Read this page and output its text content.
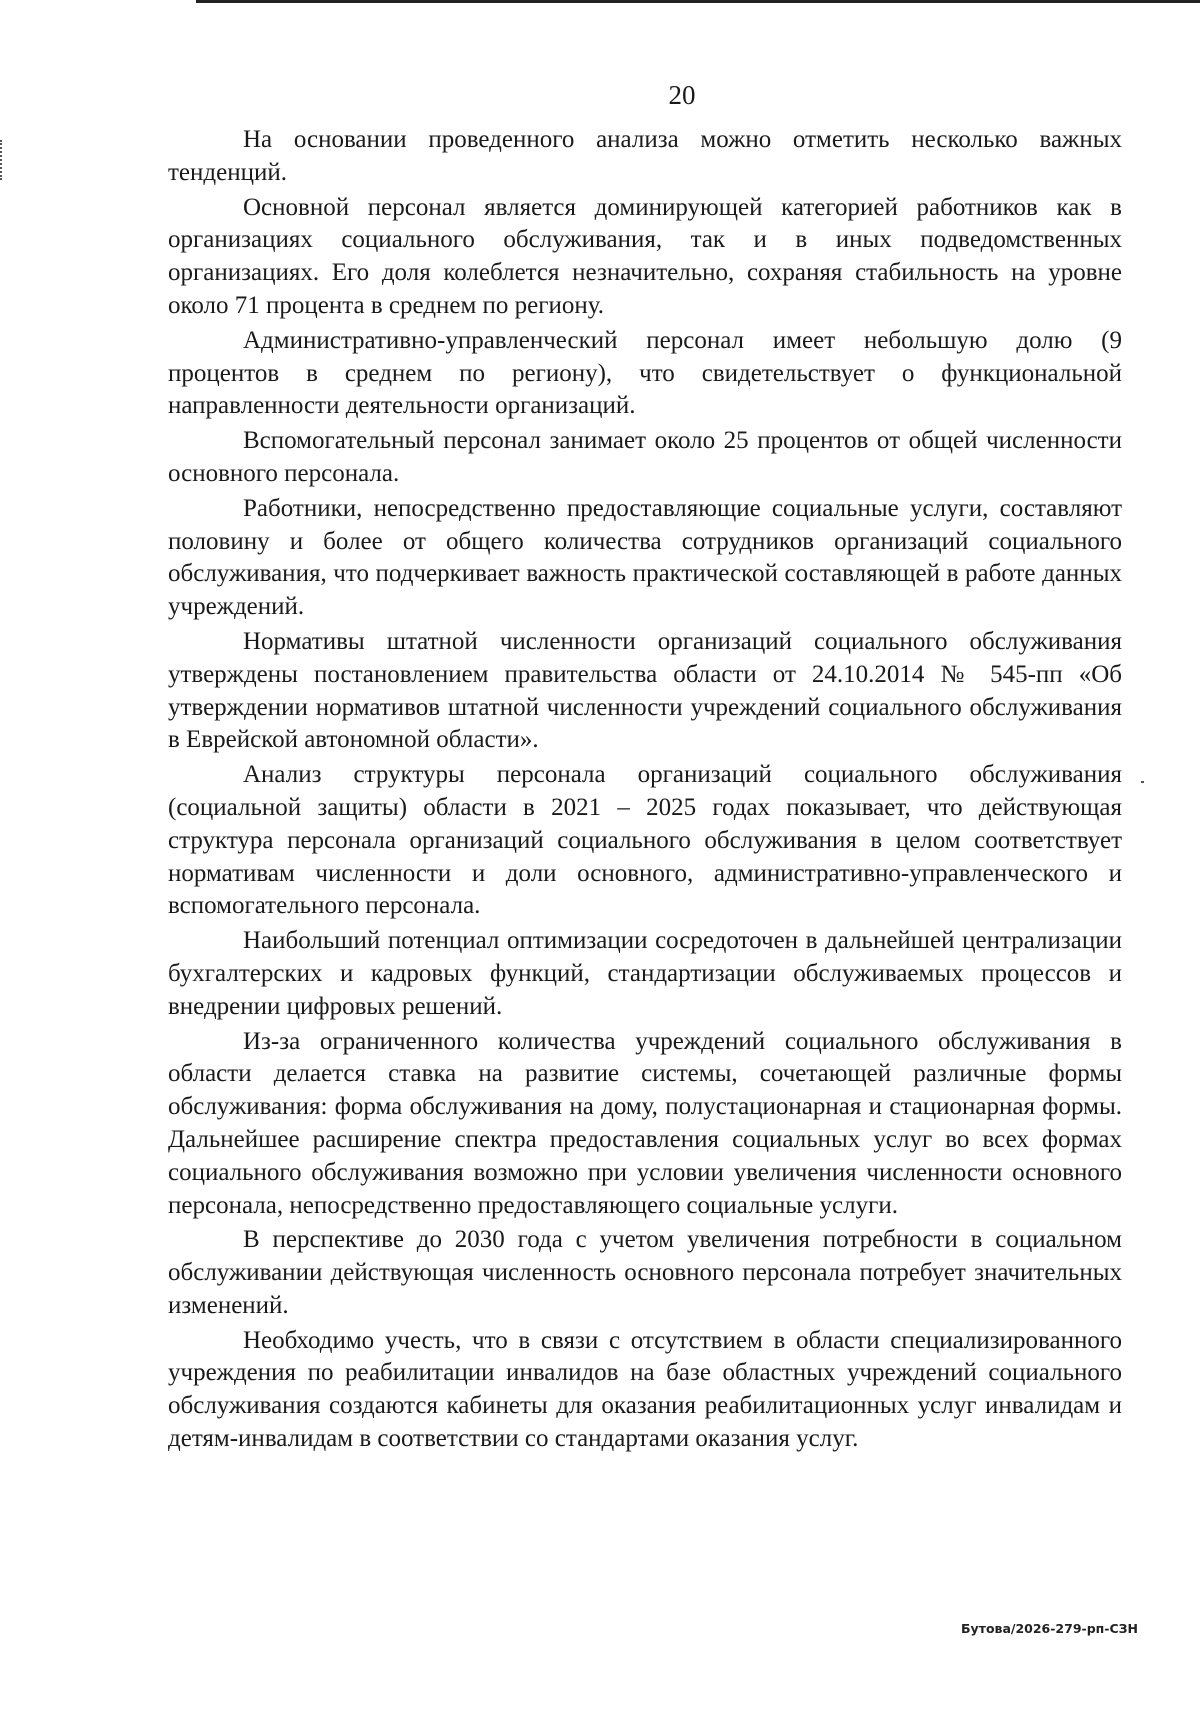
20

На основании проведенного анализа можно отметить несколько важных тенденций.

Основной персонал является доминирующей категорией работников как в организациях социального обслуживания, так и в иных подведомственных организациях. Его доля колеблется незначительно, сохраняя стабильность на уровне около 71 процента в среднем по региону.

Административно-управленческий персонал имеет небольшую долю (9 процентов в среднем по региону), что свидетельствует о функциональной направленности деятельности организаций.

Вспомогательный персонал занимает около 25 процентов от общей численности основного персонала.

Работники, непосредственно предоставляющие социальные услуги, составляют половину и более от общего количества сотрудников организаций социального обслуживания, что подчеркивает важность практической составляющей в работе данных учреждений.

Нормативы штатной численности организаций социального обслуживания утверждены постановлением правительства области от 24.10.2014 № 545-пп «Об утверждении нормативов штатной численности учреждений социального обслуживания в Еврейской автономной области».

Анализ структуры персонала организаций социального обслуживания (социальной защиты) области в 2021 – 2025 годах показывает, что действующая структура персонала организаций социального обслуживания в целом соответствует нормативам численности и доли основного, административно-управленческого и вспомогательного персонала.

Наибольший потенциал оптимизации сосредоточен в дальнейшей централизации бухгалтерских и кадровых функций, стандартизации обслуживаемых процессов и внедрении цифровых решений.

Из-за ограниченного количества учреждений социального обслуживания в области делается ставка на развитие системы, сочетающей различные формы обслуживания: форма обслуживания на дому, полустационарная и стационарная формы. Дальнейшее расширение спектра предоставления социальных услуг во всех формах социального обслуживания возможно при условии увеличения численности основного персонала, непосредственно предоставляющего социальные услуги.

В перспективе до 2030 года с учетом увеличения потребности в социальном обслуживании действующая численность основного персонала потребует значительных изменений.

Необходимо учесть, что в связи с отсутствием в области специализированного учреждения по реабилитации инвалидов на базе областных учреждений социального обслуживания создаются кабинеты для оказания реабилитационных услуг инвалидам и детям-инвалидам в соответствии со стандартами оказания услуг.

Бутова/2026-279-рп-СЗН
